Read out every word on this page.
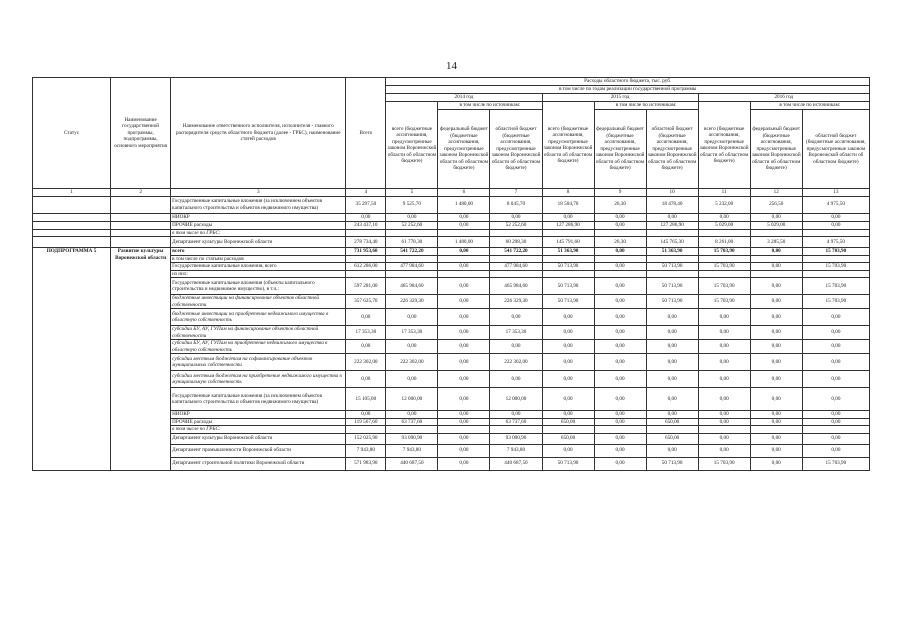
14
Статус	Наименование государственной программы, подпрограммы, основного мероприятия	Наименование ответственного исполнителя, исполнителя - главного распорядителя средств областного бюджета (далее - ГРБС), наименование статей расходов	Всего	Расходы областного бюджета, тыс. руб.								
				в том числе по годам реализации государственной программы								
				2014 год			2015 год			2016 год		
				всего (бюджетные ассигнования, предусмотренные законом Воронежской области об областном бюджете)	в том числе по источникам:		всего (бюджетные ассигнования, предусмотренные законом Воронежской области об областном бюджете)	в том числе по источникам:		всего (бюджетные ассигнования, предусмотренные законом Воронежской области об областном бюджете)	в том числе по источникам:	
					федеральный бюджет (бюджетные ассигнования, предусмотренные законом Воронежской области об областном бюджете)	областной бюджет (бюджетные ассигнования, предусмотренные законом Воронежской области об областном бюджете)		федеральный бюджет (бюджетные ассигнования, предусмотренные законом Воронежской области об областном бюджете)	областной бюджет (бюджетные ассигнования, предусмотренные законом Воронежской области об областном бюджете)		федеральный бюджет (бюджетные ассигнования, предусмотренные законом Воронежской области об областном бюджете)	областной бюджет (бюджетные ассигнования, предусмотренные законом Воронежской области об областном бюджете)
1	2	3	4	5	6	7	8	9	10	11	12	13
		Государственные капитальные вложения (за исключением объектов капитального строительства и объектов недвижимого имущества)	35 297,50	9 525,70	1 480,00	8 045,70	18 504,70	26,30	18 478,40	5 232,00	256,50	4 975,50
		НИОКР	0,00	0,00	0,00	0,00	0,00	0,00	0,00	0,00	0,00	0,00
		ПРОЧИЕ расходы	243 437,10	52 252,60	0,00	52 252,60	127 286,90	0,00	127 286,90	5 029,00	5 029,00	0,00
		в том числе по ГРБС:										
		Департамент культуры Воронежской области	278 734,40	61 778,30	1 480,00	60 298,30	145 791,60	26,30	145 765,30	8 261,00	3 285,50	4 975,50
ПОДПРОГРАММА 5	Развитие культуры Воронежской области	всего	731 953,60	541 722,20	0,00	541 722,20	51 363,90	0,00	51 363,90	15 703,90	0,00	15 703,90
		в том числе по статьям расходов										
		Государственные капитальные вложения, всего	612 286,00	477 984,60	0,00	477 984,60	50 713,90	0,00	50 713,90	15 703,90	0,00	15 703,90
		из них:										
		Государственные капитальные вложения (объекты капитального строительства и недвижимое имущество), в т.ч.:	597 281,00	465 984,60	0,00	465 984,60	50 713,90	0,00	50 713,90	15 703,90	0,00	15 703,90
		бюджетные инвестиции на финансирование объектов областной собственности	357 625,70	226 329,30	0,00	226 329,30	50 713,90	0,00	50 713,90	15 703,90	0,00	15 703,90
		бюджетные инвестиции на приобретение недвижимого имущества в областную собственность	0,00	0,00	0,00	0,00	0,00	0,00	0,00	0,00	0,00	0,00
		субсидии БУ, АУ, ГУПам на финансирование объектов областной собственности	17 353,30	17 353,30	0,00	17 353,30	0,00	0,00	0,00	0,00	0,00	0,00
		субсидии БУ, АУ, ГУПам на приобретение недвижимого имущества в областную собственность	0,00	0,00	0,00	0,00	0,00	0,00	0,00	0,00	0,00	0,00
		субсидии местным бюджетам на софинансирование объектов муниципальных собственности	222 302,00	222 302,00	0,00	222 302,00	0,00	0,00	0,00	0,00	0,00	0,00
		субсидии местным бюджетам на приобретение недвижимого имущества в муниципальную собственность	0,00	0,00	0,00	0,00	0,00	0,00	0,00	0,00	0,00	0,00
		Государственные капитальные вложения (за исключением объектов капитального строительства и объектов недвижимого имущества)	15 105,00	12 000,00	0,00	12 000,00	0,00	0,00	0,00	0,00	0,00	0,00
		НИОКР	0,00	0,00	0,00	0,00	0,00	0,00	0,00	0,00	0,00	0,00
		ПРОЧИЕ расходы	119 567,60	63 737,60	0,00	63 737,60	650,00	0,00	650,00	0,00	0,00	0,00
		в том числе по ГРБС:										
		Департамент культуры Воронежской области	152 025,90	93 090,90	0,00	93 090,90	650,00	0,00	650,00	0,00	0,00	0,00
		Департамент промышленности Воронежской области	7 943,80	7 943,80	0,00	7 943,80	0,00	0,00	0,00	0,00	0,00	0,00
		Департамент строительной политики Воронежской области	571 983,90	440 687,50	0,00	440 687,50	50 713,90	0,00	50 713,90	15 703,90	0,00	15 703,90
